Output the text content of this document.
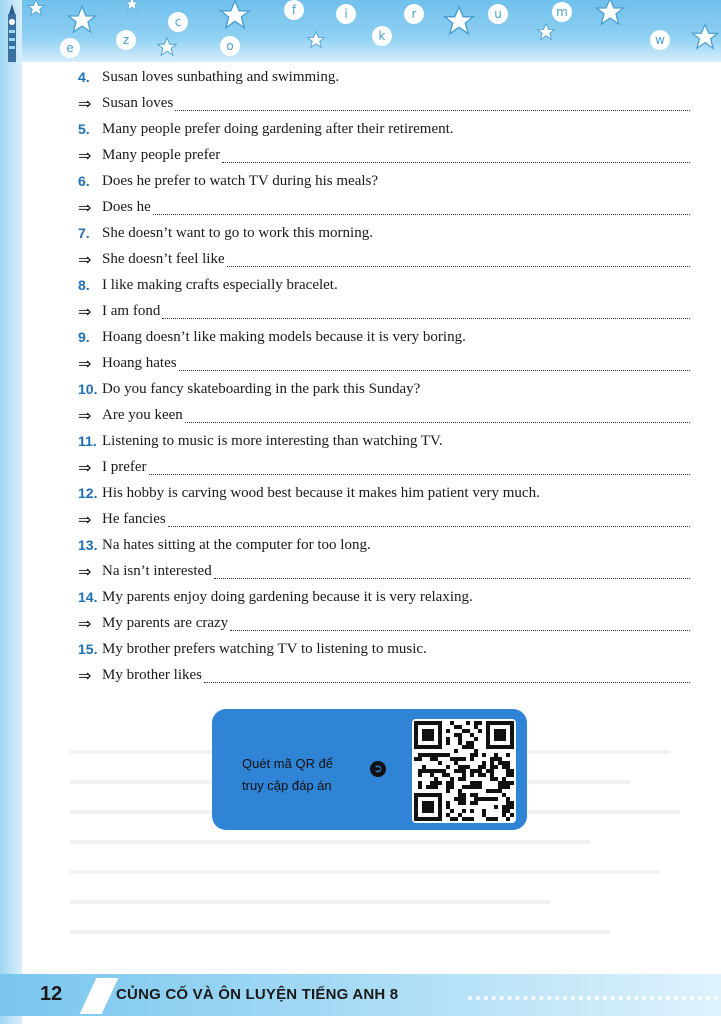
e
z
c
o
f	i
k
r	u	m
w
4. Susan loves sunbathing and swimming.
⇒ Susan loves
5. Many people prefer doing gardening after their retirement.
⇒ Many people prefer
6. Does he prefer to watch TV during his meals?
⇒ Does he
7. She doesn’t want to go to work this morning.
⇒ She doesn’t feel like
8. I like making crafts especially bracelet.
⇒ I am fond
9. Hoang doesn’t like making models because it is very boring.
⇒ Hoang hates
10. Do you fancy skateboarding in the park this Sunday?
⇒ Are you keen
11. Listening to music is more interesting than watching TV.
⇒ I prefer
12. His hobby is carving wood best because it makes him patient very much.
⇒ He fancies
13. Na hates sitting at the computer for too long.
⇒ Na isn’t interested
14. My parents enjoy doing gardening because it is very relaxing.
⇒ My parents are crazy
15. My brother prefers watching TV to listening to music.
⇒ My brother likes
Quét mã QR để
truy cập đáp án
➲
12	CỦNG CỐ VÀ ÔN LUYỆN TIẾNG ANH 8
